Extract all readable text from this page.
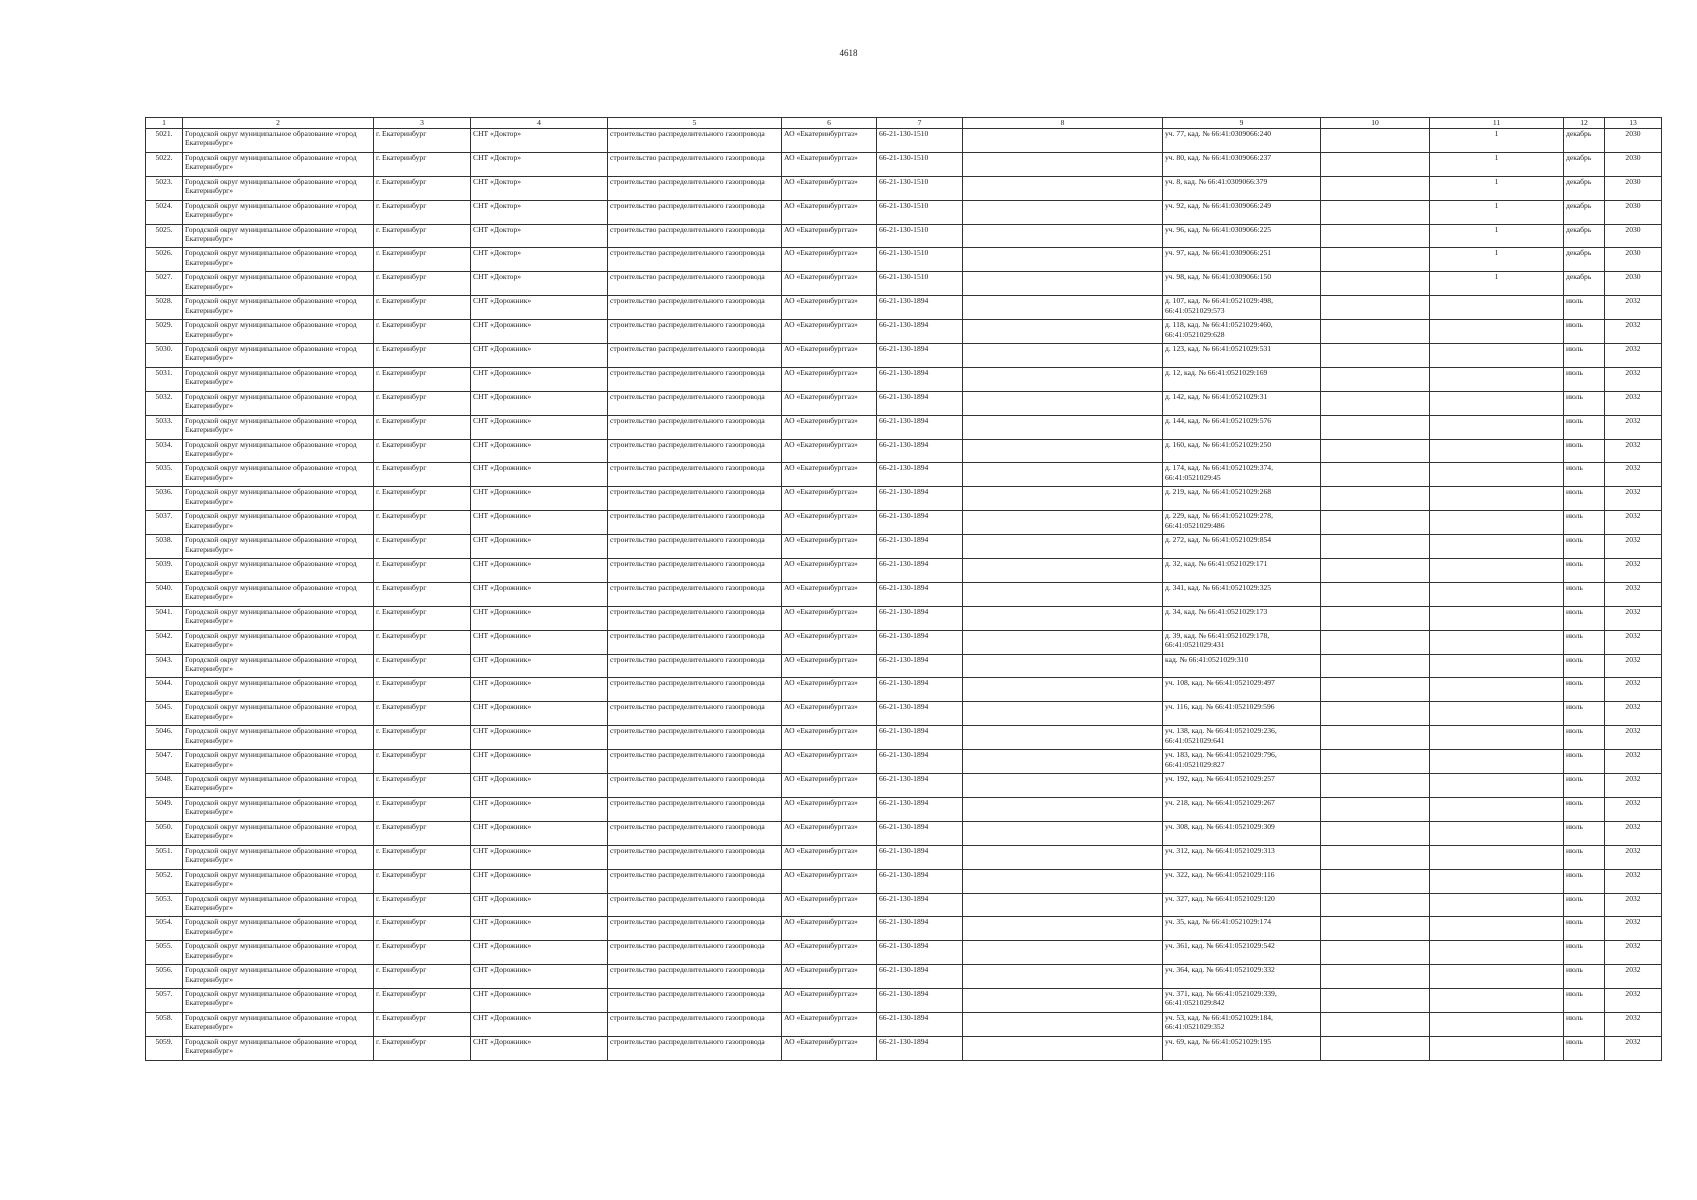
4618
1	2	3	4	5	6	7	8	9	10	11	12	13
5021.	Городской округ муниципальное образование «город Екатеринбург»	г. Екатеринбург	СНТ «Доктор»	строительство распределительного газопровода	АО «Екатеринбурггаз»	66-21-130-1510		уч. 77, кад. № 66:41:0309066:240		1	декабрь	2030
5022.	Городской округ муниципальное образование «город Екатеринбург»	г. Екатеринбург	СНТ «Доктор»	строительство распределительного газопровода	АО «Екатеринбурггаз»	66-21-130-1510		уч. 80, кад. № 66:41:0309066:237		1	декабрь	2030
5023.	Городской округ муниципальное образование «город Екатеринбург»	г. Екатеринбург	СНТ «Доктор»	строительство распределительного газопровода	АО «Екатеринбурггаз»	66-21-130-1510		уч. 8, кад. № 66:41:0309066:379		1	декабрь	2030
5024.	Городской округ муниципальное образование «город Екатеринбург»	г. Екатеринбург	СНТ «Доктор»	строительство распределительного газопровода	АО «Екатеринбурггаз»	66-21-130-1510		уч. 92, кад. № 66:41:0309066:249		1	декабрь	2030
5025.	Городской округ муниципальное образование «город Екатеринбург»	г. Екатеринбург	СНТ «Доктор»	строительство распределительного газопровода	АО «Екатеринбурггаз»	66-21-130-1510		уч. 96, кад. № 66:41:0309066:225		1	декабрь	2030
5026.	Городской округ муниципальное образование «город Екатеринбург»	г. Екатеринбург	СНТ «Доктор»	строительство распределительного газопровода	АО «Екатеринбурггаз»	66-21-130-1510		уч. 97, кад. № 66:41:0309066:251		1	декабрь	2030
5027.	Городской округ муниципальное образование «город Екатеринбург»	г. Екатеринбург	СНТ «Доктор»	строительство распределительного газопровода	АО «Екатеринбурггаз»	66-21-130-1510		уч. 98, кад. № 66:41:0309066:150		1	декабрь	2030
5028.	Городской округ муниципальное образование «город Екатеринбург»	г. Екатеринбург	СНТ «Дорожник»	строительство распределительного газопровода	АО «Екатеринбурггаз»	66-21-130-1894		д. 107, кад. № 66:41:0521029:498, 66:41:0521029:573			июль	2032
5029.	Городской округ муниципальное образование «город Екатеринбург»	г. Екатеринбург	СНТ «Дорожник»	строительство распределительного газопровода	АО «Екатеринбурггаз»	66-21-130-1894		д. 118, кад. № 66:41:0521029:460, 66:41:0521029:628			июль	2032
5030.	Городской округ муниципальное образование «город Екатеринбург»	г. Екатеринбург	СНТ «Дорожник»	строительство распределительного газопровода	АО «Екатеринбурггаз»	66-21-130-1894		д. 123, кад. № 66:41:0521029:531			июль	2032
5031.	Городской округ муниципальное образование «город Екатеринбург»	г. Екатеринбург	СНТ «Дорожник»	строительство распределительного газопровода	АО «Екатеринбурггаз»	66-21-130-1894		д. 12, кад. № 66:41:0521029:169			июль	2032
5032.	Городской округ муниципальное образование «город Екатеринбург»	г. Екатеринбург	СНТ «Дорожник»	строительство распределительного газопровода	АО «Екатеринбурггаз»	66-21-130-1894		д. 142, кад. № 66:41:0521029:31			июль	2032
5033.	Городской округ муниципальное образование «город Екатеринбург»	г. Екатеринбург	СНТ «Дорожник»	строительство распределительного газопровода	АО «Екатеринбурггаз»	66-21-130-1894		д. 144, кад. № 66:41:0521029:576			июль	2032
5034.	Городской округ муниципальное образование «город Екатеринбург»	г. Екатеринбург	СНТ «Дорожник»	строительство распределительного газопровода	АО «Екатеринбурггаз»	66-21-130-1894		д. 160, кад. № 66:41:0521029:250			июль	2032
5035.	Городской округ муниципальное образование «город Екатеринбург»	г. Екатеринбург	СНТ «Дорожник»	строительство распределительного газопровода	АО «Екатеринбурггаз»	66-21-130-1894		д. 174, кад. № 66:41:0521029:374, 66:41:0521029:45			июль	2032
5036.	Городской округ муниципальное образование «город Екатеринбург»	г. Екатеринбург	СНТ «Дорожник»	строительство распределительного газопровода	АО «Екатеринбурггаз»	66-21-130-1894		д. 219, кад. № 66:41:0521029:268			июль	2032
5037.	Городской округ муниципальное образование «город Екатеринбург»	г. Екатеринбург	СНТ «Дорожник»	строительство распределительного газопровода	АО «Екатеринбурггаз»	66-21-130-1894		д. 229, кад. № 66:41:0521029:278, 66:41:0521029:486			июль	2032
5038.	Городской округ муниципальное образование «город Екатеринбург»	г. Екатеринбург	СНТ «Дорожник»	строительство распределительного газопровода	АО «Екатеринбурггаз»	66-21-130-1894		д. 272, кад. № 66:41:0521029:854			июль	2032
5039.	Городской округ муниципальное образование «город Екатеринбург»	г. Екатеринбург	СНТ «Дорожник»	строительство распределительного газопровода	АО «Екатеринбурггаз»	66-21-130-1894		д. 32, кад. № 66:41:0521029:171			июль	2032
5040.	Городской округ муниципальное образование «город Екатеринбург»	г. Екатеринбург	СНТ «Дорожник»	строительство распределительного газопровода	АО «Екатеринбурггаз»	66-21-130-1894		д. 341, кад. № 66:41:0521029:325			июль	2032
5041.	Городской округ муниципальное образование «город Екатеринбург»	г. Екатеринбург	СНТ «Дорожник»	строительство распределительного газопровода	АО «Екатеринбурггаз»	66-21-130-1894		д. 34, кад. № 66:41:0521029:173			июль	2032
5042.	Городской округ муниципальное образование «город Екатеринбург»	г. Екатеринбург	СНТ «Дорожник»	строительство распределительного газопровода	АО «Екатеринбурггаз»	66-21-130-1894		д. 39, кад. № 66:41:0521029:178, 66:41:0521029:431			июль	2032
5043.	Городской округ муниципальное образование «город Екатеринбург»	г. Екатеринбург	СНТ «Дорожник»	строительство распределительного газопровода	АО «Екатеринбурггаз»	66-21-130-1894		кад. № 66:41:0521029:310			июль	2032
5044.	Городской округ муниципальное образование «город Екатеринбург»	г. Екатеринбург	СНТ «Дорожник»	строительство распределительного газопровода	АО «Екатеринбурггаз»	66-21-130-1894		уч. 108, кад. № 66:41:0521029:497			июль	2032
5045.	Городской округ муниципальное образование «город Екатеринбург»	г. Екатеринбург	СНТ «Дорожник»	строительство распределительного газопровода	АО «Екатеринбурггаз»	66-21-130-1894		уч. 116, кад. № 66:41:0521029:596			июль	2032
5046.	Городской округ муниципальное образование «город Екатеринбург»	г. Екатеринбург	СНТ «Дорожник»	строительство распределительного газопровода	АО «Екатеринбурггаз»	66-21-130-1894		уч. 138, кад. № 66:41:0521029:236, 66:41:0521029:641			июль	2032
5047.	Городской округ муниципальное образование «город Екатеринбург»	г. Екатеринбург	СНТ «Дорожник»	строительство распределительного газопровода	АО «Екатеринбурггаз»	66-21-130-1894		уч. 183, кад. № 66:41:0521029:796, 66:41:0521029:827			июль	2032
5048.	Городской округ муниципальное образование «город Екатеринбург»	г. Екатеринбург	СНТ «Дорожник»	строительство распределительного газопровода	АО «Екатеринбурггаз»	66-21-130-1894		уч. 192, кад. № 66:41:0521029:257			июль	2032
5049.	Городской округ муниципальное образование «город Екатеринбург»	г. Екатеринбург	СНТ «Дорожник»	строительство распределительного газопровода	АО «Екатеринбурггаз»	66-21-130-1894		уч. 218, кад. № 66:41:0521029:267			июль	2032
5050.	Городской округ муниципальное образование «город Екатеринбург»	г. Екатеринбург	СНТ «Дорожник»	строительство распределительного газопровода	АО «Екатеринбурггаз»	66-21-130-1894		уч. 308, кад. № 66:41:0521029:309			июль	2032
5051.	Городской округ муниципальное образование «город Екатеринбург»	г. Екатеринбург	СНТ «Дорожник»	строительство распределительного газопровода	АО «Екатеринбурггаз»	66-21-130-1894		уч. 312, кад. № 66:41:0521029:313			июль	2032
5052.	Городской округ муниципальное образование «город Екатеринбург»	г. Екатеринбург	СНТ «Дорожник»	строительство распределительного газопровода	АО «Екатеринбурггаз»	66-21-130-1894		уч. 322, кад. № 66:41:0521029:116			июль	2032
5053.	Городской округ муниципальное образование «город Екатеринбург»	г. Екатеринбург	СНТ «Дорожник»	строительство распределительного газопровода	АО «Екатеринбурггаз»	66-21-130-1894		уч. 327, кад. № 66:41:0521029:120			июль	2032
5054.	Городской округ муниципальное образование «город Екатеринбург»	г. Екатеринбург	СНТ «Дорожник»	строительство распределительного газопровода	АО «Екатеринбурггаз»	66-21-130-1894		уч. 35, кад. № 66:41:0521029:174			июль	2032
5055.	Городской округ муниципальное образование «город Екатеринбург»	г. Екатеринбург	СНТ «Дорожник»	строительство распределительного газопровода	АО «Екатеринбурггаз»	66-21-130-1894		уч. 361, кад. № 66:41:0521029:542			июль	2032
5056.	Городской округ муниципальное образование «город Екатеринбург»	г. Екатеринбург	СНТ «Дорожник»	строительство распределительного газопровода	АО «Екатеринбурггаз»	66-21-130-1894		уч. 364, кад. № 66:41:0521029:332			июль	2032
5057.	Городской округ муниципальное образование «город Екатеринбург»	г. Екатеринбург	СНТ «Дорожник»	строительство распределительного газопровода	АО «Екатеринбурггаз»	66-21-130-1894		уч. 371, кад. № 66:41:0521029:339, 66:41:0521029:842			июль	2032
5058.	Городской округ муниципальное образование «город Екатеринбург»	г. Екатеринбург	СНТ «Дорожник»	строительство распределительного газопровода	АО «Екатеринбурггаз»	66-21-130-1894		уч. 53, кад. № 66:41:0521029:184, 66:41:0521029:352			июль	2032
5059.	Городской округ муниципальное образование «город Екатеринбург»	г. Екатеринбург	СНТ «Дорожник»	строительство распределительного газопровода	АО «Екатеринбурггаз»	66-21-130-1894		уч. 69, кад. № 66:41:0521029:195			июль	2032
